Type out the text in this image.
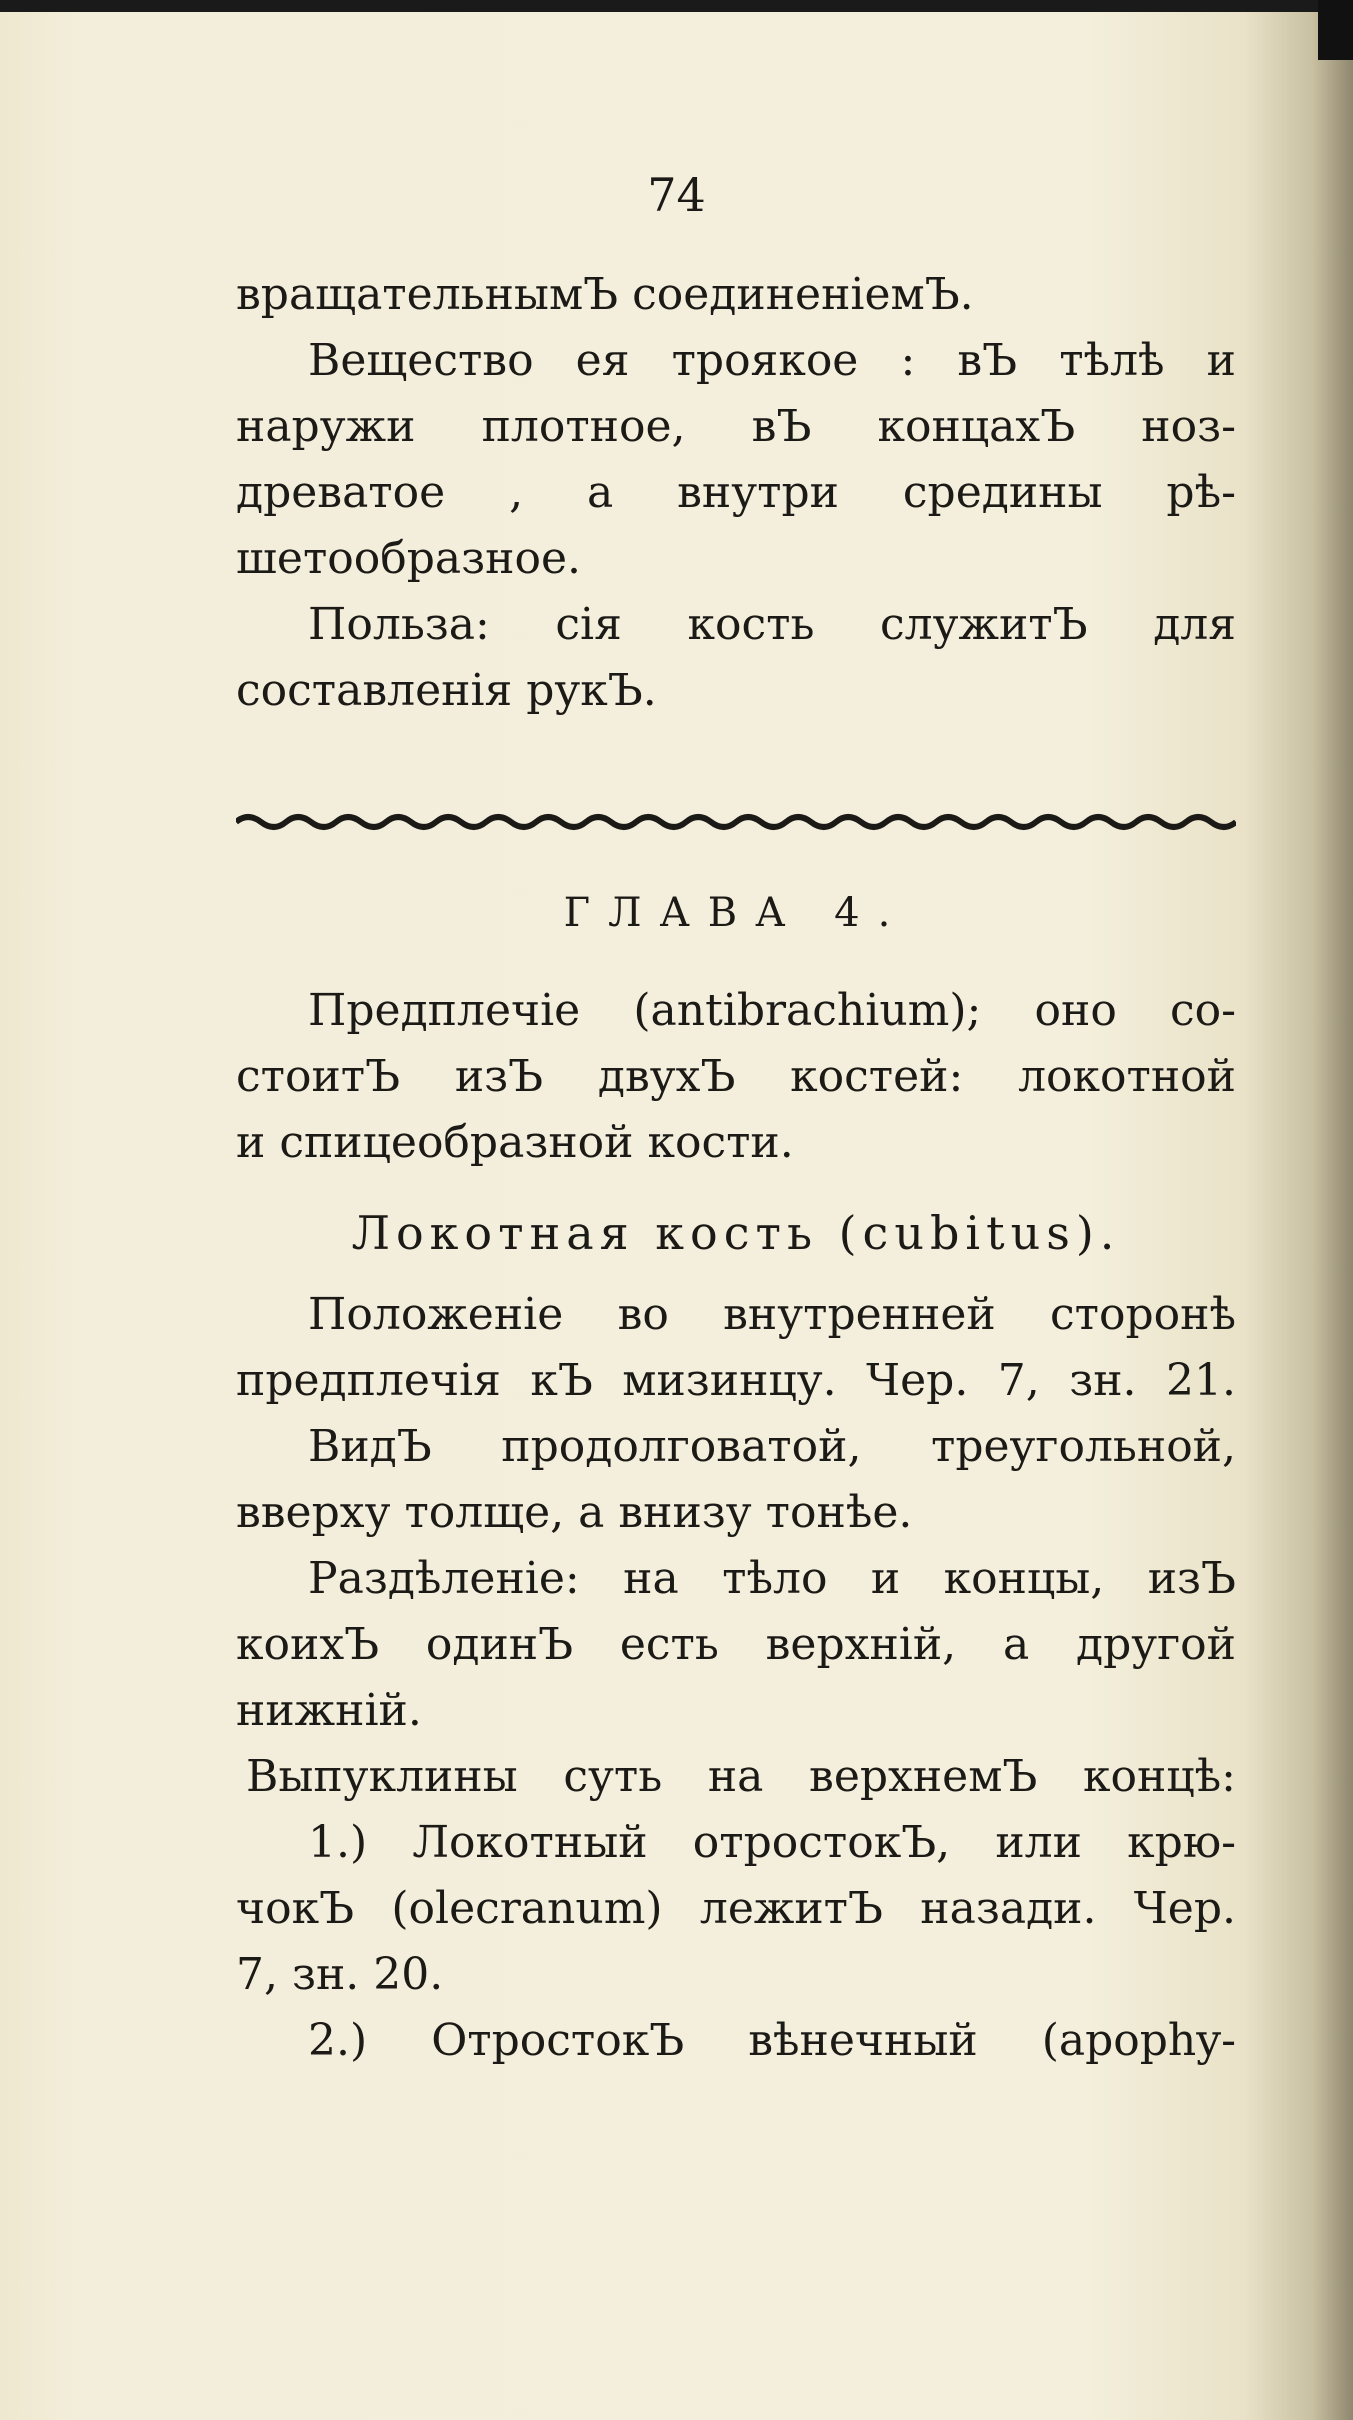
74
вращательнымЪ соединеніемЪ.
Вещество ея троякое : вЪ тѣлѣ и
наружи плотное, вЪ концахЪ ноз-
древатое , а внутри средины рѣ-
шетообразное.
Польза: сія кость служитЪ для
составленія рукЪ.
ГЛАВА 4.
Предплечіе (antibrachium); оно со-
стоитЪ изЪ двухЪ костей: локотной
и спицеобразной кости.
Локотная кость (cubitus).
Положеніе во внутренней сторонѣ
предплечія кЪ мизинцу. Чер. 7, зн. 21.
ВидЪ продолговатой, треугольной,
вверху толще, а внизу тонѣе.
Раздѣленіе: на тѣло и концы, изЪ
коихЪ одинЪ есть верхній, а другой
нижній.
Выпуклины суть на верхнемЪ концѣ:
1.) Локотный отростокЪ, или крю-
чокЪ (olecranum) лежитЪ назади. Чер.
7, зн. 20.
2.) ОтростокЪ вѣнечный (apophy-
